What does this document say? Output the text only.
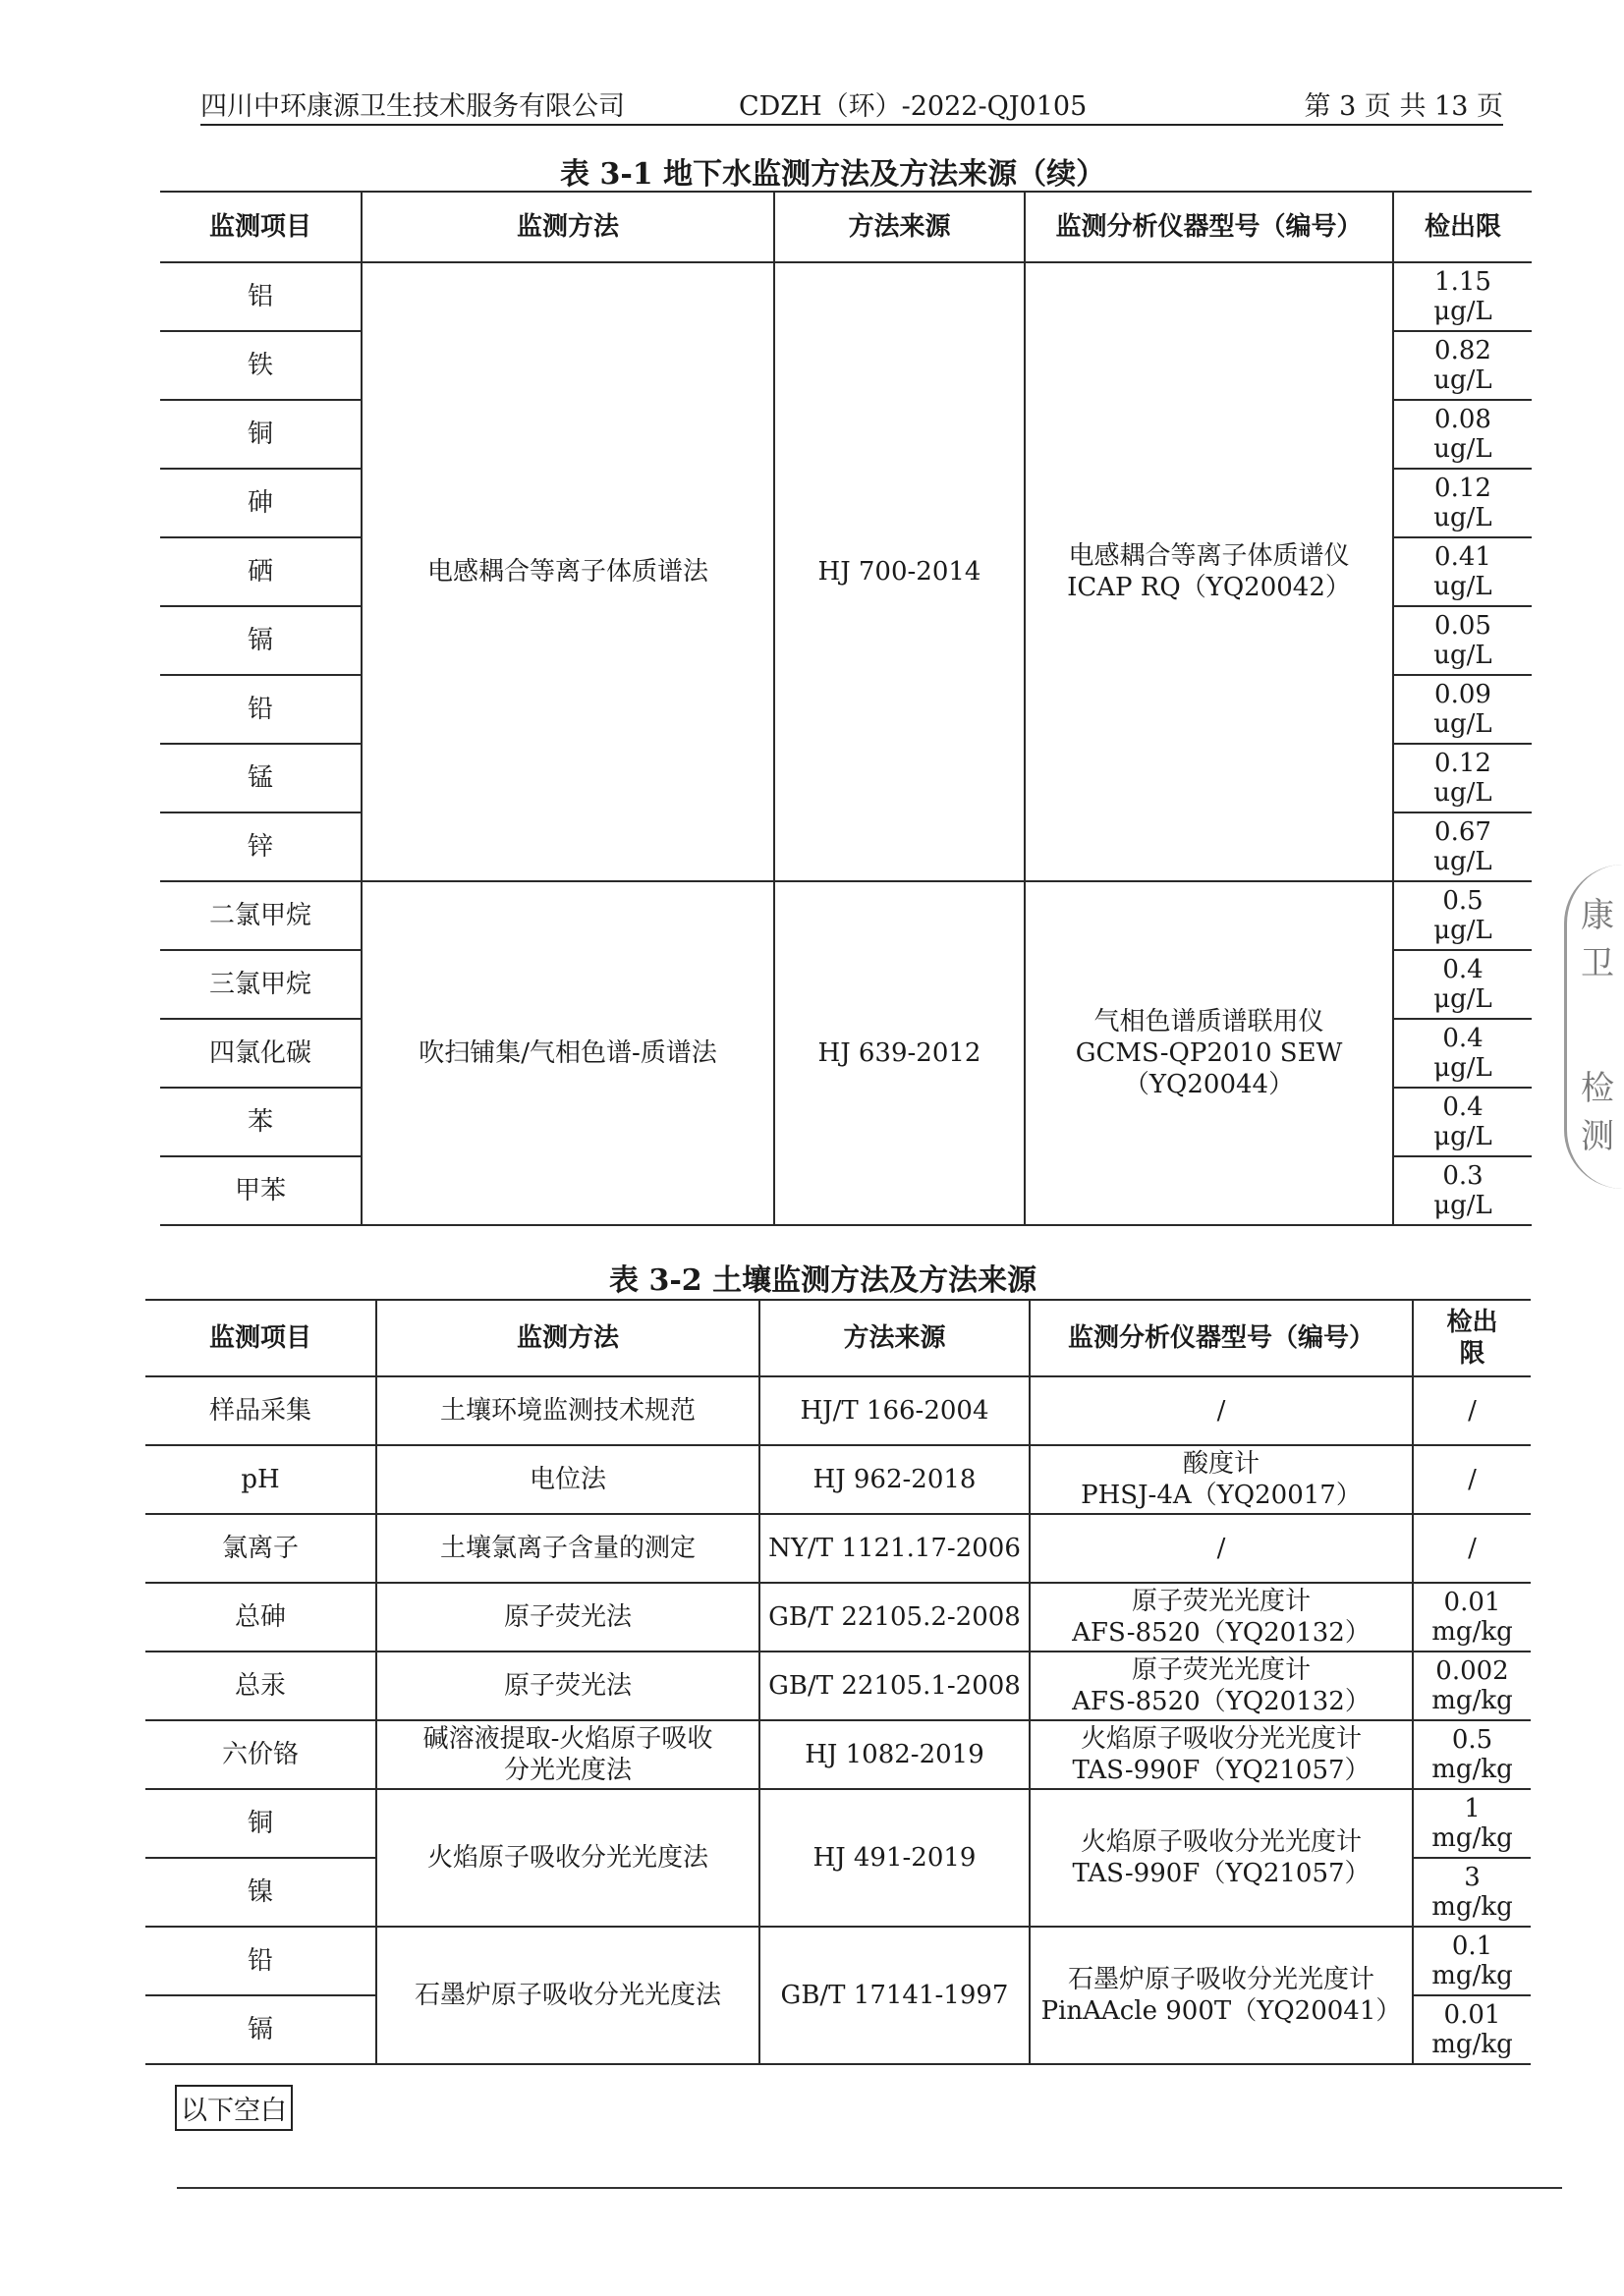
四川中环康源卫生技术服务有限公司	CDZH（环）-2022-QJ0105	第 3 页 共 13 页
表 3-1 地下水监测方法及方法来源（续）
监测项目	监测方法	方法来源	监测分析仪器型号（编号）	检出限
铝	电感耦合等离子体质谱法	HJ 700-2014	电感耦合等离子体质谱仪
ICAP RQ（YQ20042）	1.15
μg/L
铁				0.82
ug/L
铜				0.08
ug/L
砷				0.12
ug/L
硒				0.41
ug/L
镉				0.05
ug/L
铅				0.09
ug/L
锰				0.12
ug/L
锌				0.67
ug/L
二氯甲烷	吹扫铺集/气相色谱-质谱法	HJ 639-2012	气相色谱质谱联用仪
GCMS-QP2010 SEW
（YQ20044）	0.5
μg/L
三氯甲烷				0.4
μg/L
四氯化碳				0.4
μg/L
苯				0.4
μg/L
甲苯				0.3
μg/L
表 3-2 土壤监测方法及方法来源
监测项目	监测方法	方法来源	监测分析仪器型号（编号）	检出
限
样品采集	土壤环境监测技术规范	HJ/T 166-2004	/	/
pH	电位法	HJ 962-2018	酸度计
PHSJ-4A（YQ20017）	/
氯离子	土壤氯离子含量的测定	NY/T 1121.17-2006	/	/
总砷	原子荧光法	GB/T 22105.2-2008	原子荧光光度计
AFS-8520（YQ20132）	0.01
mg/kg
总汞	原子荧光法	GB/T 22105.1-2008	原子荧光光度计
AFS-8520（YQ20132）	0.002
mg/kg
六价铬	碱溶液提取-火焰原子吸收
分光光度法	HJ 1082-2019	火焰原子吸收分光光度计
TAS-990F（YQ21057）	0.5
mg/kg
铜	火焰原子吸收分光光度法	HJ 491-2019	火焰原子吸收分光光度计
TAS-990F（YQ21057）	1
mg/kg
镍				3
mg/kg
铅	石墨炉原子吸收分光光度法	GB/T 17141-1997	石墨炉原子吸收分光光度计
PinAAcle 900T（YQ20041）	0.1
mg/kg
镉				0.01
mg/kg
以下空白
康卫
检测
